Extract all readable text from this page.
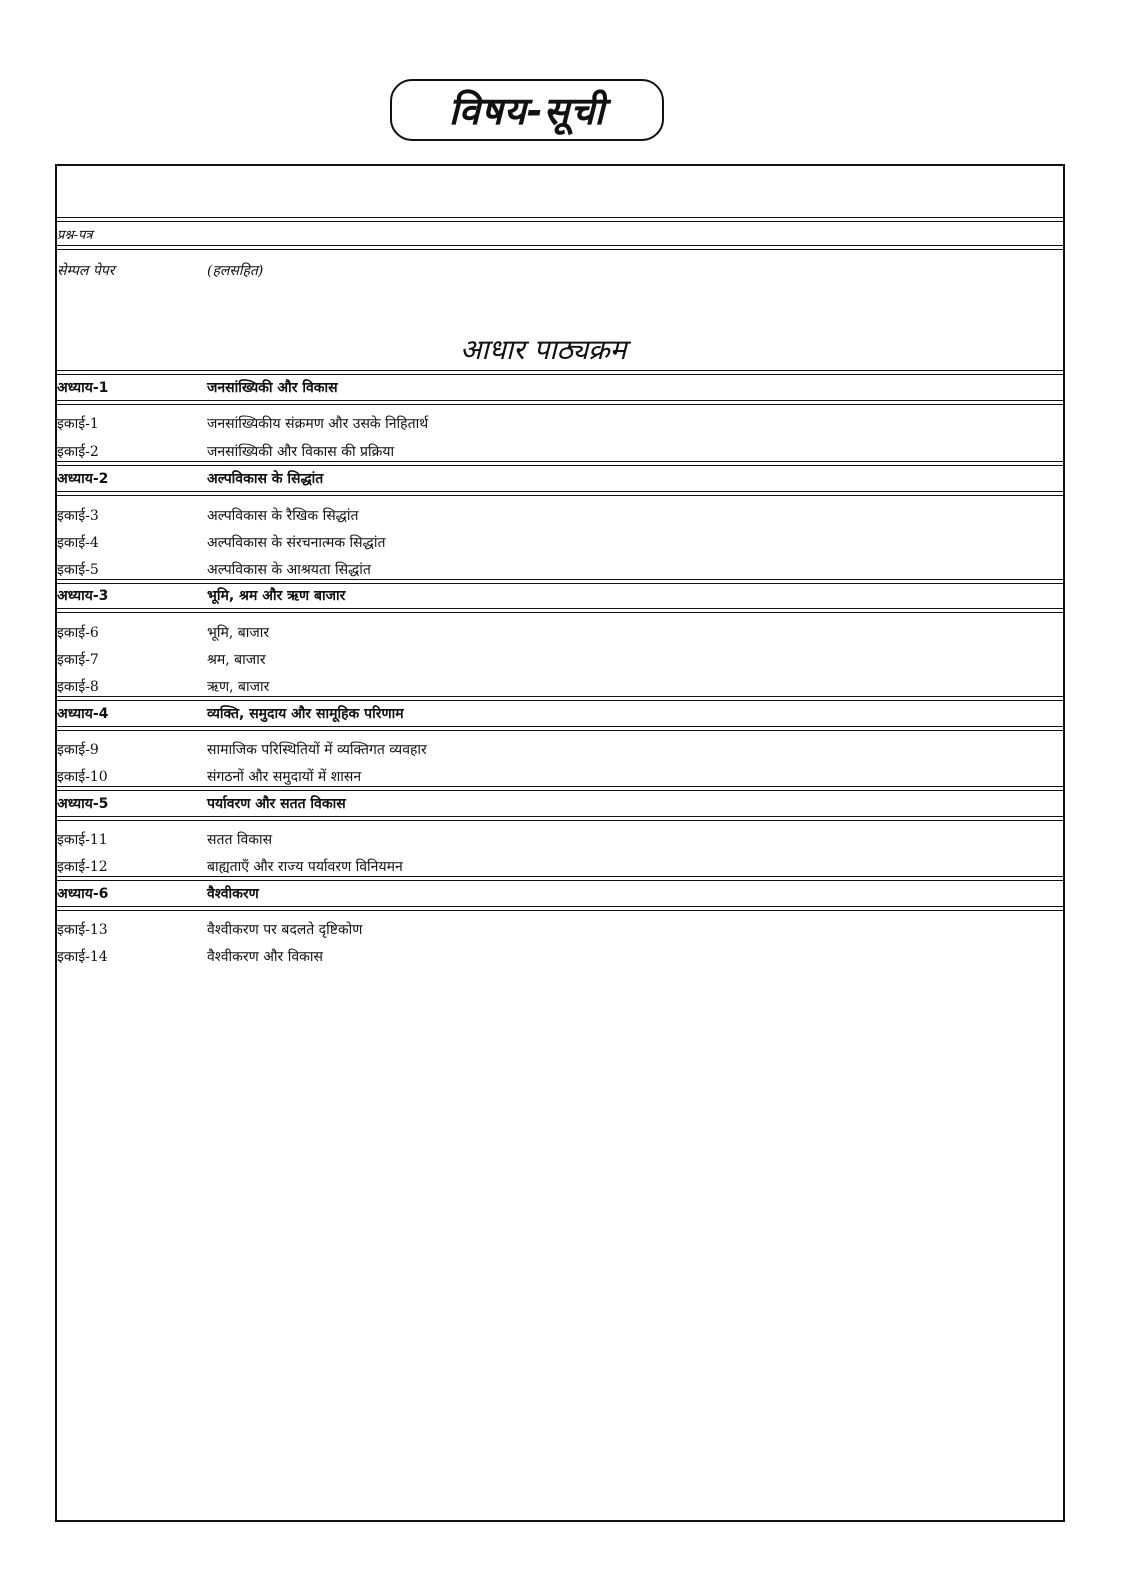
विषय-सूची
प्रश्न-पत्र
सेम्पल पेपर	(हलसहित)
आधार पाठ्यक्रम
अध्याय-1	जनसांख्यिकी और विकास
इकाई-1	जनसांख्यिकीय संक्रमण और उसके निहितार्थ
इकाई-2	जनसांख्यिकी और विकास की प्रक्रिया
अध्याय-2	अल्पविकास के सिद्धांत
इकाई-3	अल्पविकास के रैखिक सिद्धांत
इकाई-4	अल्पविकास के संरचनात्मक सिद्धांत
इकाई-5	अल्पविकास के आश्रयता सिद्धांत
अध्याय-3	भूमि, श्रम और ऋण बाजार
इकाई-6	भूमि, बाजार
इकाई-7	श्रम, बाजार
इकाई-8	ऋण, बाजार
अध्याय-4	व्यक्ति, समुदाय और सामूहिक परिणाम
इकाई-9	सामाजिक परिस्थितियों में व्यक्तिगत व्यवहार
इकाई-10	संगठनों और समुदायों में शासन
अध्याय-5	पर्यावरण और सतत विकास
इकाई-11	सतत विकास
इकाई-12	बाह्यताएँ और राज्य पर्यावरण विनियमन
अध्याय-6	वैश्वीकरण
इकाई-13	वैश्वीकरण पर बदलते दृष्टिकोण
इकाई-14	वैश्वीकरण और विकास
